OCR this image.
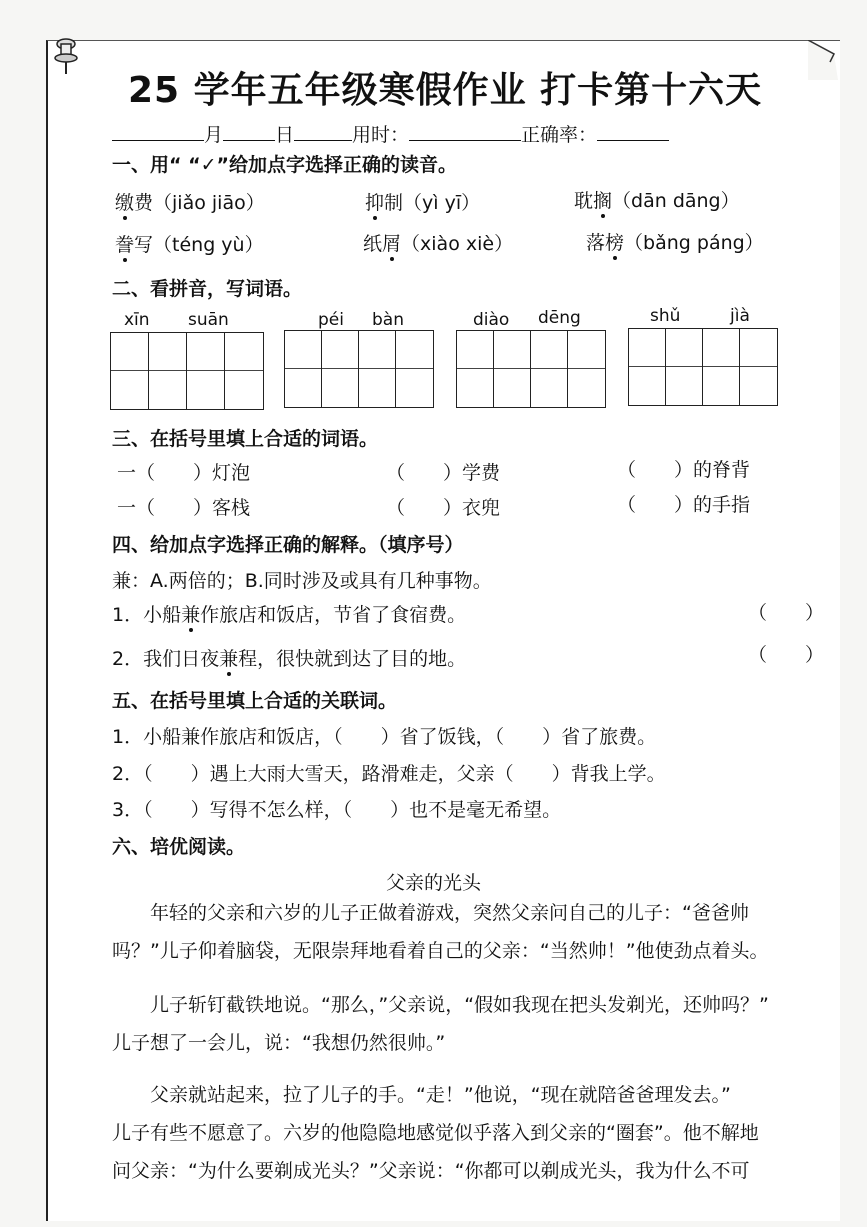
25 学年五年级寒假作业 打卡第十六天
月	日	用时：	正确率：
一、用“ “✓”给加点字选择正确的读音。
缴费（jiǎo jiāo）	抑制（yì yī）	耽搁（dān dāng）
誊写（téng yù）	纸屑（xiào xiè）	落榜（bǎng páng）
二、看拼音，写词语。
xīn suān	péi bàn	diào dēng	shǔ	jìà
三、在括号里填上合适的词语。
一（　　）灯泡	（　　）学费	（　　）的脊背
一（　　）客栈	（　　）衣兜	（　　）的手指
四、给加点字选择正确的解释。（填序号）
兼：A.两倍的；B.同时涉及或具有几种事物。
1．小船兼作旅店和饭店，节省了食宿费。	（　　）
2．我们日夜兼程，很快就到达了目的地。	（　　）
五、在括号里填上合适的关联词。
1．小船兼作旅店和饭店，（　　）省了饭钱，（　　）省了旅费。
2．（　　）遇上大雨大雪天，路滑难走，父亲（　　）背我上学。
3．（　　）写得不怎么样，（　　）也不是毫无希望。
六、培优阅读。
父亲的光头
　　年轻的父亲和六岁的儿子正做着游戏，突然父亲问自己的儿子：“爸爸帅
吗？”儿子仰着脑袋，无限崇拜地看着自己的父亲：“当然帅！”他使劲点着头。
　　儿子斩钉截铁地说。“那么，”父亲说，“假如我现在把头发剃光，还帅吗？”
儿子想了一会儿，说：“我想仍然很帅。”
　　父亲就站起来，拉了儿子的手。“走！”他说，“现在就陪爸爸理发去。”
儿子有些不愿意了。六岁的他隐隐地感觉似乎落入到父亲的“圈套”。他不解地
问父亲：“为什么要剃成光头？”父亲说：“你都可以剃成光头，我为什么不可
